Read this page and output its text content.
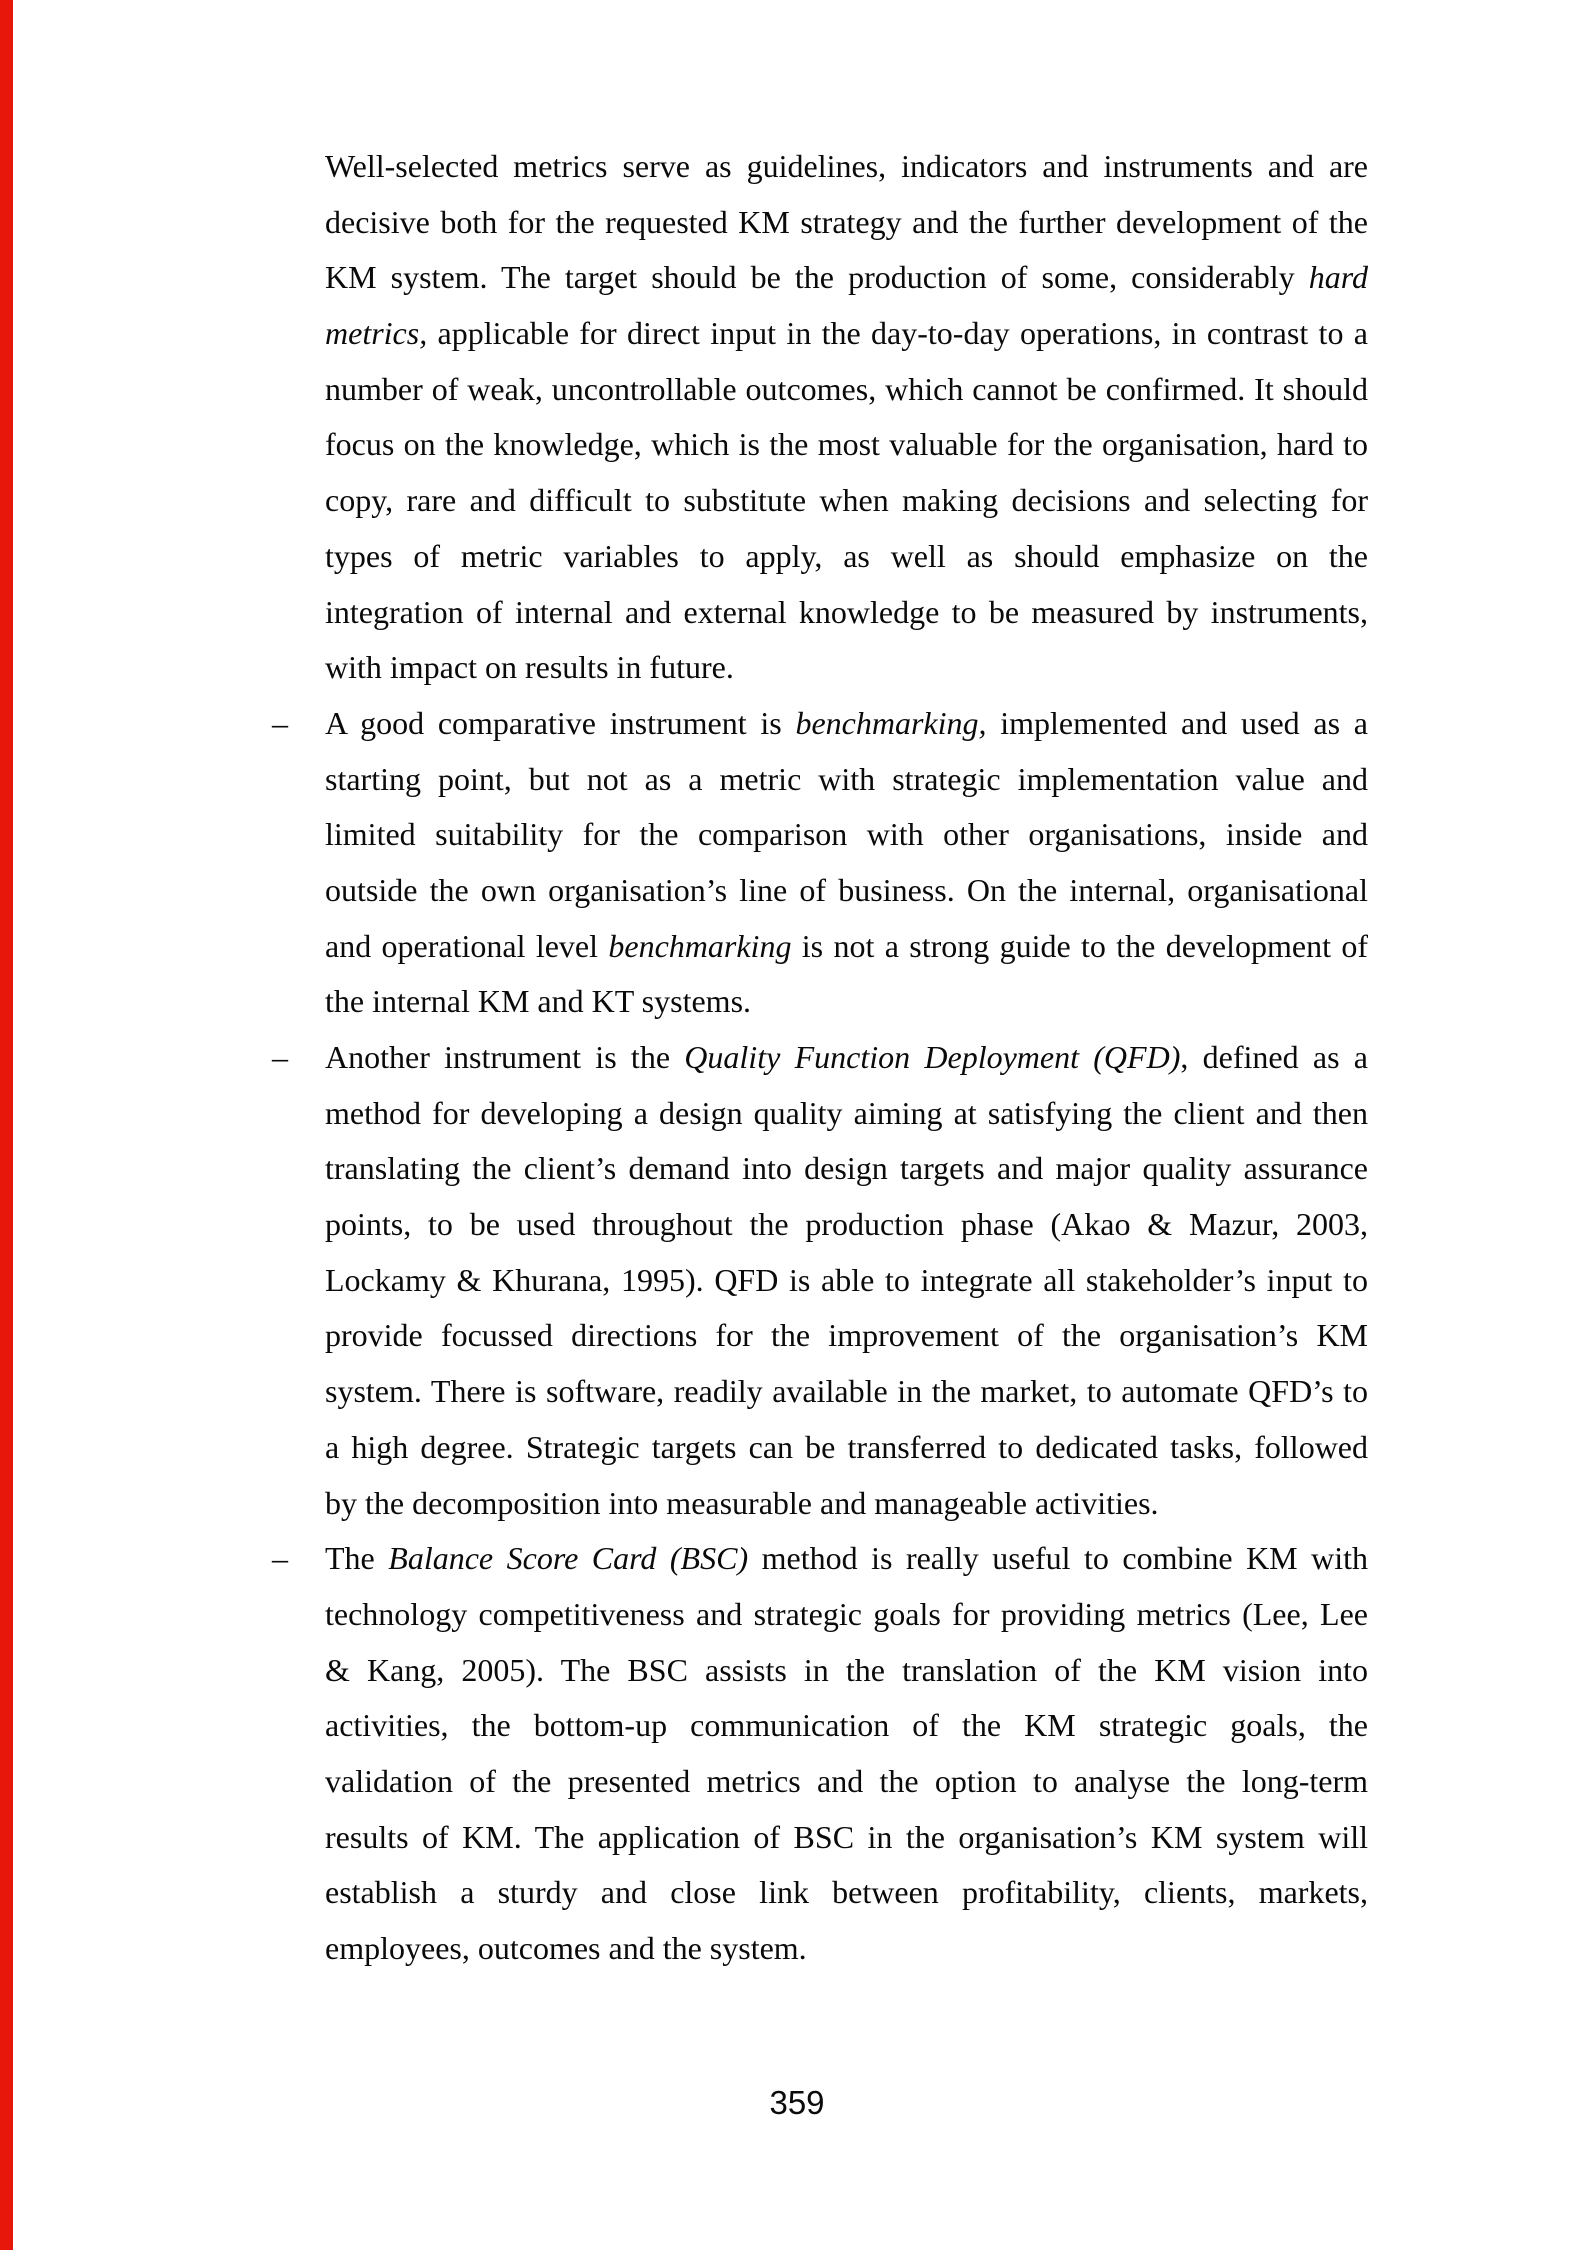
Well-selected metrics serve as guidelines, indicators and instruments and are
decisive both for the requested KM strategy and the further development of the
KM system. The target should be the production of some, considerably hard
metrics, applicable for direct input in the day-to-day operations, in contrast to a
number of weak, uncontrollable outcomes, which cannot be confirmed. It should
focus on the knowledge, which is the most valuable for the organisation, hard to
copy, rare and difficult to substitute when making decisions and selecting for
types of metric variables to apply, as well as should emphasize on the
integration of internal and external knowledge to be measured by instruments,
with impact on results in future.
– A good comparative instrument is benchmarking, implemented and used as a
starting point, but not as a metric with strategic implementation value and
limited suitability for the comparison with other organisations, inside and
outside the own organisation’s line of business. On the internal, organisational
and operational level benchmarking is not a strong guide to the development of
the internal KM and KT systems.
– Another instrument is the Quality Function Deployment (QFD), defined as a
method for developing a design quality aiming at satisfying the client and then
translating the client’s demand into design targets and major quality assurance
points, to be used throughout the production phase (Akao & Mazur, 2003,
Lockamy & Khurana, 1995). QFD is able to integrate all stakeholder’s input to
provide focussed directions for the improvement of the organisation’s KM
system. There is software, readily available in the market, to automate QFD’s to
a high degree. Strategic targets can be transferred to dedicated tasks, followed
by the decomposition into measurable and manageable activities.
– The Balance Score Card (BSC) method is really useful to combine KM with
technology competitiveness and strategic goals for providing metrics (Lee, Lee
& Kang, 2005). The BSC assists in the translation of the KM vision into
activities, the bottom-up communication of the KM strategic goals, the
validation of the presented metrics and the option to analyse the long-term
results of KM. The application of BSC in the organisation’s KM system will
establish a sturdy and close link between profitability, clients, markets,
employees, outcomes and the system.
359
